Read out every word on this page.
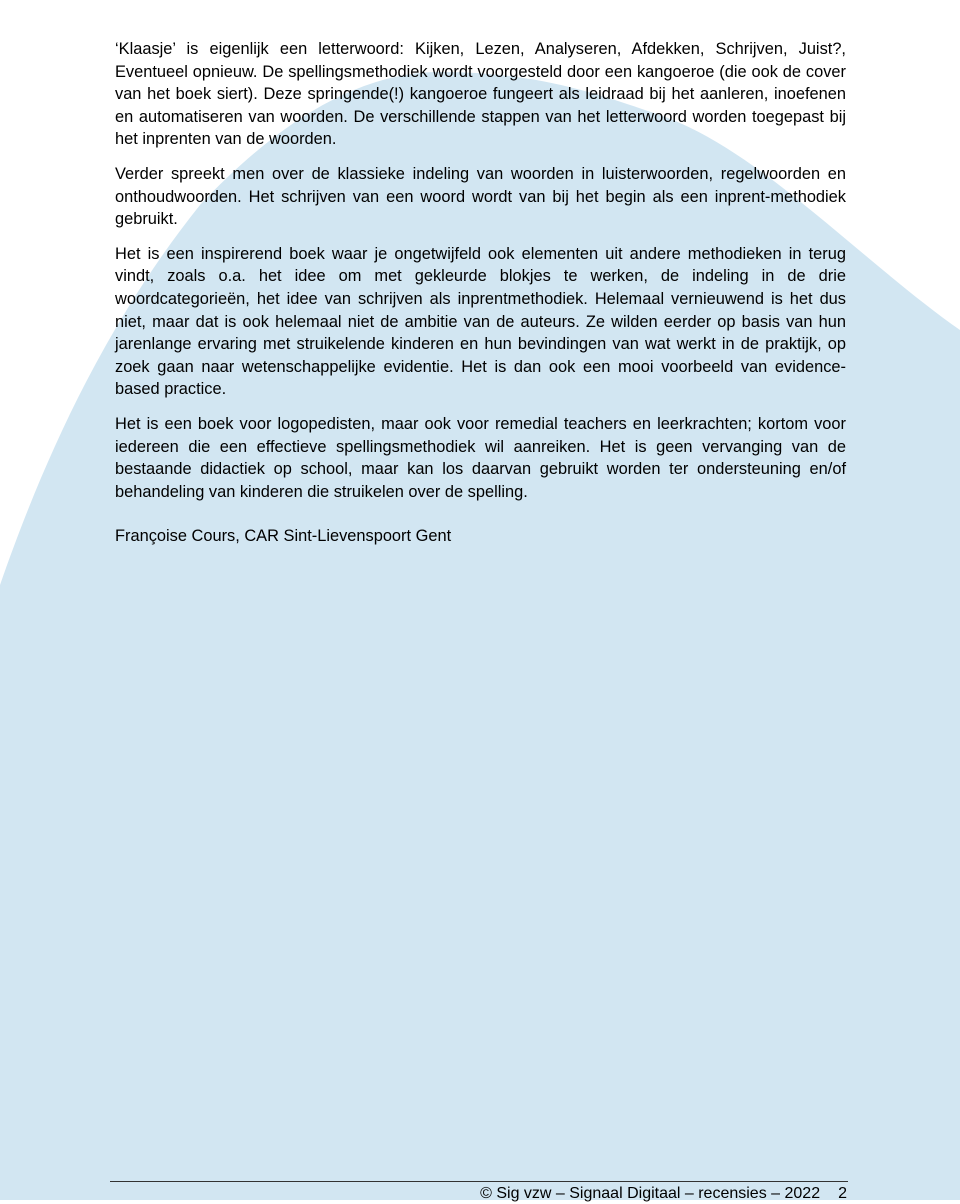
‘Klaasje’ is eigenlijk een letterwoord: Kijken, Lezen, Analyseren, Afdekken, Schrijven, Juist?, Eventueel opnieuw. De spellingsmethodiek wordt voorgesteld door een kangoeroe (die ook de cover van het boek siert). Deze springende(!) kangoeroe fungeert als leidraad bij het aanleren, inoefenen en automatiseren van woorden. De verschillende stappen van het letterwoord worden toegepast bij het inprenten van de woorden.

Verder spreekt men over de klassieke indeling van woorden in luisterwoorden, regelwoorden en onthoudwoorden. Het schrijven van een woord wordt van bij het begin als een inprent-methodiek gebruikt.

Het is een inspirerend boek waar je ongetwijfeld ook elementen uit andere methodieken in terug vindt, zoals o.a. het idee om met gekleurde blokjes te werken, de indeling in de drie woordcategorieën, het idee van schrijven als inprentmethodiek. Helemaal vernieuwend is het dus niet, maar dat is ook helemaal niet de ambitie van de auteurs. Ze wilden eerder op basis van hun jarenlange ervaring met struikelende kinderen en hun bevindingen van wat werkt in de praktijk, op zoek gaan naar wetenschappelijke evidentie. Het is dan ook een mooi voorbeeld van evidence-based practice.

Het is een boek voor logopedisten, maar ook voor remedial teachers en leerkrachten; kortom voor iedereen die een effectieve spellingsmethodiek wil aanreiken. Het is geen vervanging van de bestaande didactiek op school, maar kan los daarvan gebruikt worden ter ondersteuning en/of behandeling van kinderen die struikelen over de spelling.

Françoise Cours, CAR Sint-Lievenspoort Gent
© Sig vzw – Signaal Digitaal – recensies – 2022 2
